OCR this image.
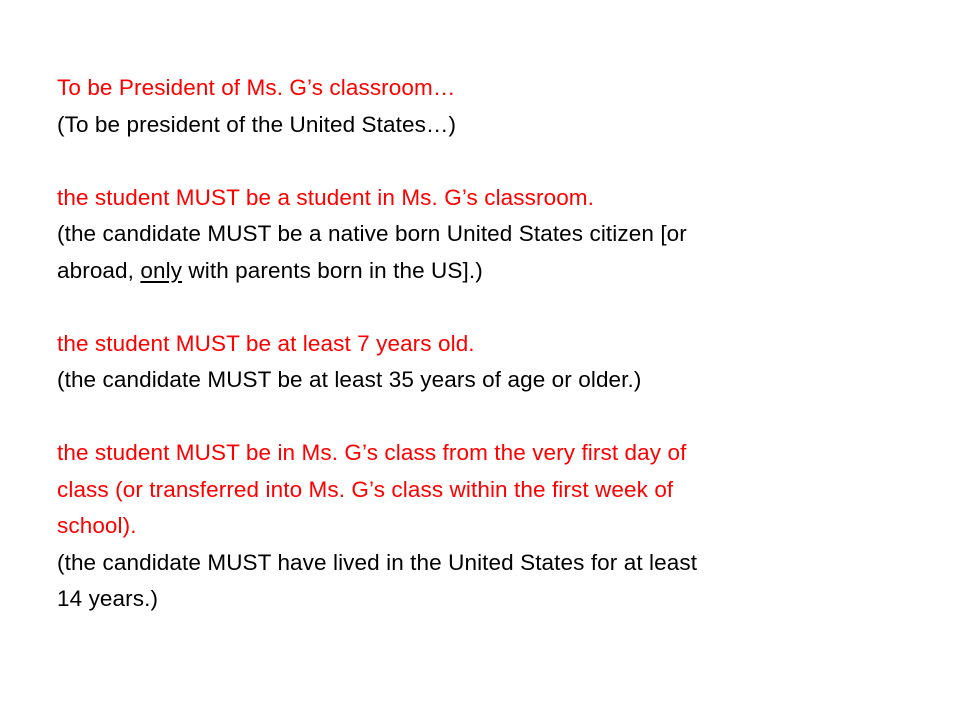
To be President of Ms. G’s classroom…
(To be president of the United States…)
the student MUST be a student in Ms. G’s classroom.
(the candidate MUST be a native born United States citizen [or
abroad, only with parents born in the US].)
the student MUST be at least 7 years old.
(the candidate MUST be at least 35 years of age or older.)
the student MUST be in Ms. G’s class from the very first day of
class (or transferred into Ms. G’s class within the first week of
school).
(the candidate MUST have lived in the United States for at least
14 years.)
